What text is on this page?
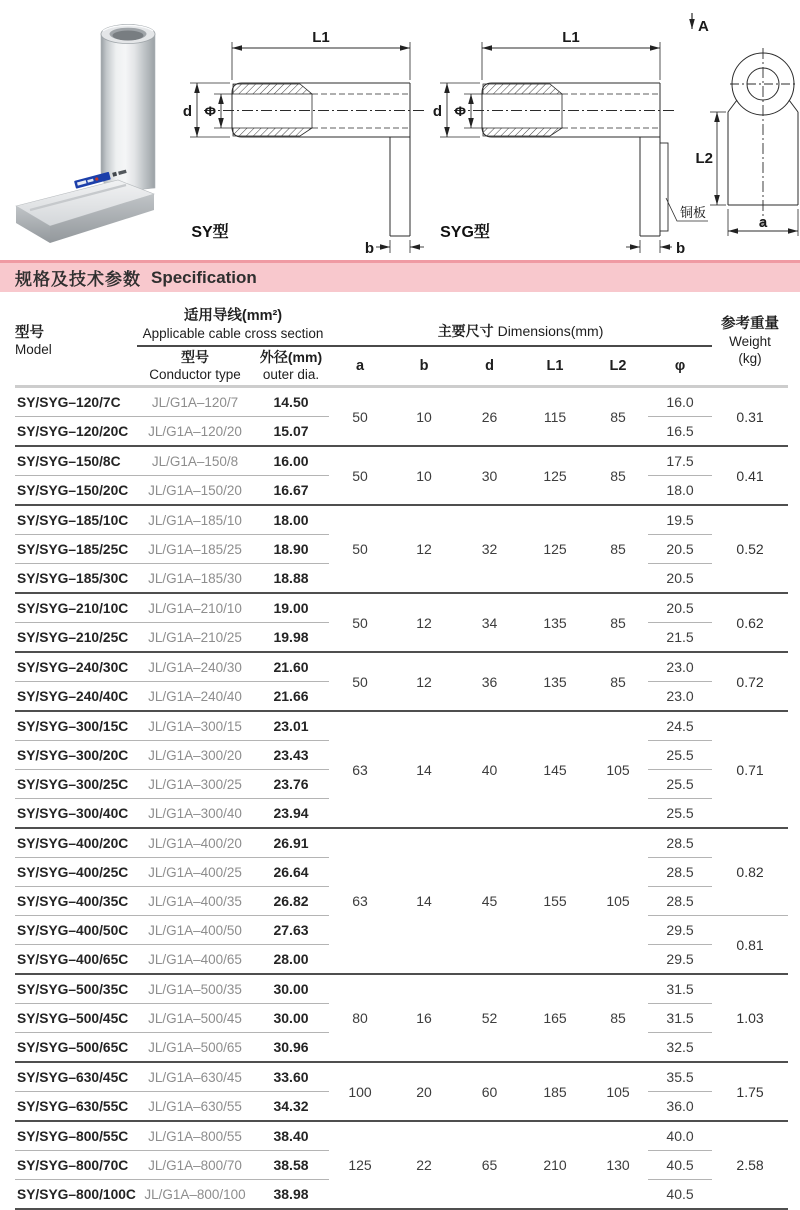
L1
d Φ
b
SY型
L1
d Φ
b
铜板
SYG型
A
L2
a
规格及技术参数 Specification
型号
Model

适用导线(mm²)
Applicable cable cross section	主要尺寸 Dimensions(mm)	参考重量
Weight
(kg)

型号
Conductor type

外径(mm)
outer dia.
	a	b	d	L1	L2	φ
SY/SYG–120/7C	JL/G1A–120/7	14.50	50	10	26	115	85	16.0	0.31
SY/SYG–120/20C	JL/G1A–120/20	15.07						16.5	
SY/SYG–150/8C	JL/G1A–150/8	16.00	50	10	30	125	85	17.5	0.41
SY/SYG–150/20C	JL/G1A–150/20	16.67						18.0	
SY/SYG–185/10C	JL/G1A–185/10	18.00	50	12	32	125	85	19.5	0.52
SY/SYG–185/25C	JL/G1A–185/25	18.90						20.5	
SY/SYG–185/30C	JL/G1A–185/30	18.88						20.5	
SY/SYG–210/10C	JL/G1A–210/10	19.00	50	12	34	135	85	20.5	0.62
SY/SYG–210/25C	JL/G1A–210/25	19.98						21.5	
SY/SYG–240/30C	JL/G1A–240/30	21.60	50	12	36	135	85	23.0	0.72
SY/SYG–240/40C	JL/G1A–240/40	21.66						23.0	
SY/SYG–300/15C	JL/G1A–300/15	23.01	63	14	40	145	105	24.5	0.71
SY/SYG–300/20C	JL/G1A–300/20	23.43						25.5	
SY/SYG–300/25C	JL/G1A–300/25	23.76						25.5	
SY/SYG–300/40C	JL/G1A–300/40	23.94						25.5	
SY/SYG–400/20C	JL/G1A–400/20	26.91	63	14	45	155	105	28.5	0.82
SY/SYG–400/25C	JL/G1A–400/25	26.64						28.5	
SY/SYG–400/35C	JL/G1A–400/35	26.82						28.5	
SY/SYG–400/50C	JL/G1A–400/50	27.63						29.5	0.81
SY/SYG–400/65C	JL/G1A–400/65	28.00						29.5	
SY/SYG–500/35C	JL/G1A–500/35	30.00	80	16	52	165	85	31.5	1.03
SY/SYG–500/45C	JL/G1A–500/45	30.00						31.5	
SY/SYG–500/65C	JL/G1A–500/65	30.96						32.5	
SY/SYG–630/45C	JL/G1A–630/45	33.60	100	20	60	185	105	35.5	1.75
SY/SYG–630/55C	JL/G1A–630/55	34.32						36.0	
SY/SYG–800/55C	JL/G1A–800/55	38.40	125	22	65	210	130	40.0	2.58
SY/SYG–800/70C	JL/G1A–800/70	38.58						40.5	
SY/SYG–800/100C	JL/G1A–800/100	38.98						40.5	
